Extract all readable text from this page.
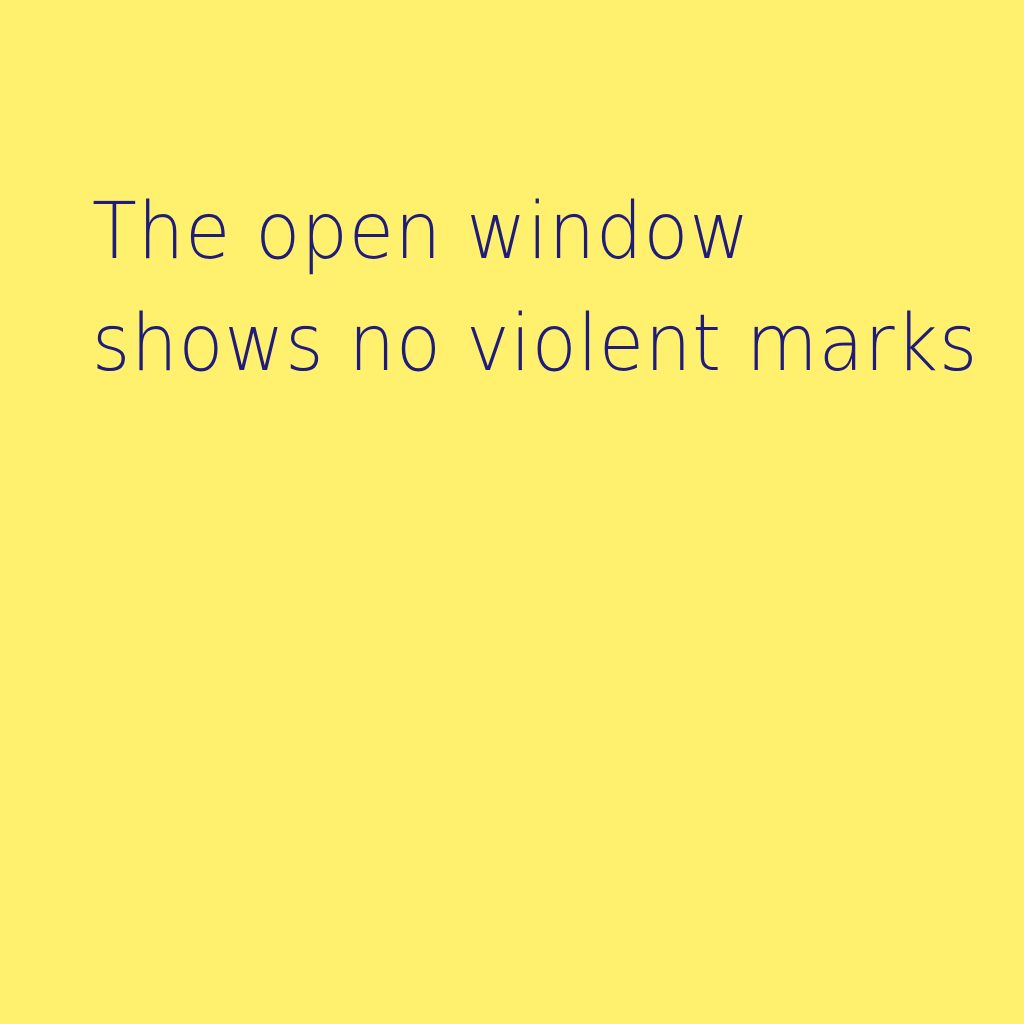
The open window
shows no violent marks
